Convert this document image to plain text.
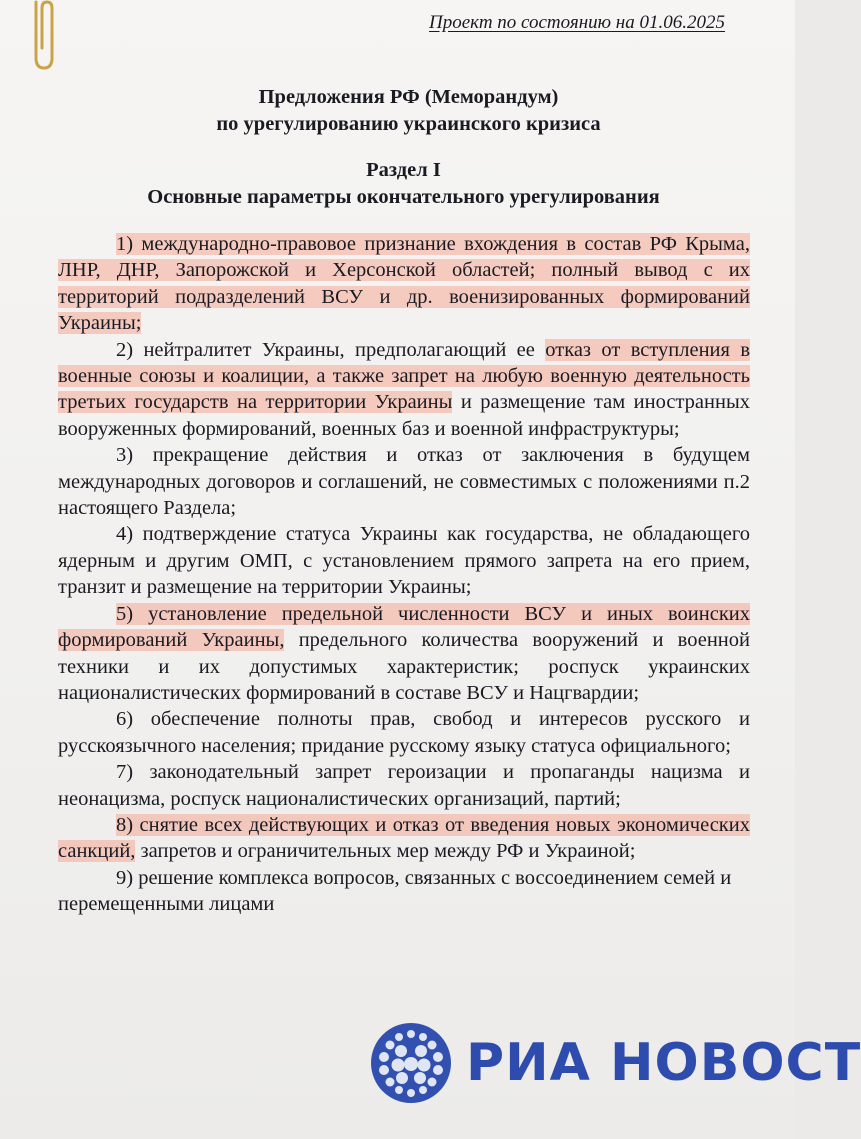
Проект по состоянию на 01.06.2025
Предложения РФ (Меморандум)
по урегулированию украинского кризиса
Раздел I
Основные параметры окончательного урегулирования

1) международно-правовое признание вхождения в состав РФ Крыма, ЛНР, ДНР, Запорожской и Херсонской областей; полный вывод с их территорий подразделений ВСУ и др. военизированных формирований Украины;

2) нейтралитет Украины, предполагающий ее отказ от вступления в военные союзы и коалиции, а также запрет на любую военную деятельность третьих государств на территории Украины и размещение там иностранных вооруженных формирований, военных баз и военной инфраструктуры;

3) прекращение действия и отказ от заключения в будущем международных договоров и соглашений, не совместимых с положениями п.2 настоящего Раздела;

4) подтверждение статуса Украины как государства, не обладающего ядерным и другим ОМП, с установлением прямого запрета на его прием, транзит и размещение на территории Украины;

5) установление предельной численности ВСУ и иных воинских формирований Украины, предельного количества вооружений и военной техники и их допустимых характеристик; роспуск украинских националистических формирований в составе ВСУ и Нацгвардии;

6) обеспечение полноты прав, свобод и интересов русского и русскоязычного населения; придание русскому языку статуса официального;

7) законодательный запрет героизации и пропаганды нацизма и неонацизма, роспуск националистических организаций, партий;

8) снятие всех действующих и отказ от введения новых экономических санкций, запретов и ограничительных мер между РФ и Украиной;

9) решение комплекса вопросов, связанных с воссоединением семей и перемещенными лицами

РИА НОВОСТ
